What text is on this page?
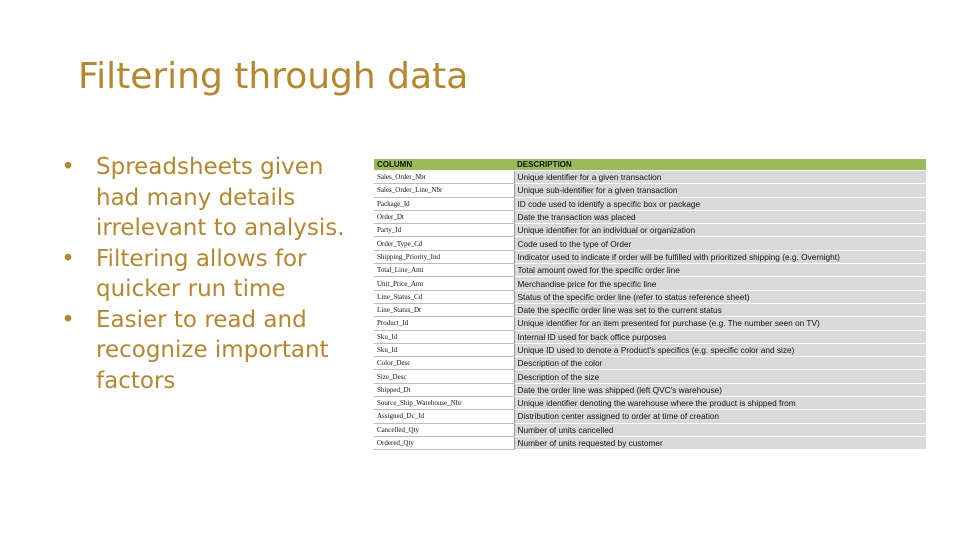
Filtering through data
• Spreadsheets given had many details irrelevant to analysis.
• Filtering allows for quicker run time
• Easier to read and recognize important factors
COLUMN	DESCRIPTION
Sales_Order_Nbr	Unique identifier for a given transaction
Sales_Order_Line_Nbr	Unique sub-identifier for a given transaction
Package_Id	ID code used to identify a specific box or package
Order_Dt	Date the transaction was placed
Party_Id	Unique identifier for an individual or organization
Order_Type_Cd	Code used to the type of Order
Shipping_Priority_Ind	Indicator used to indicate if order will be fulfilled with prioritized shipping (e.g. Overnight)
Total_Line_Amt	Total amount owed for the specific order line
Unit_Price_Amt	Merchandise price for the specific line
Line_Status_Cd	Status of the specific order line (refer to status reference sheet)
Line_Status_Dt	Date the specific order line was set to the current status
Product_Id	Unique identifier for an item presented for purchase (e.g. The number seen on TV)
Sku_Id	Internal ID used for back office purposes
Sku_Id	Unique ID used to denote a Product's specifics (e.g. specific color and size)
Color_Desc	Description of the color
Size_Desc	Description of the size
Shipped_Dt	Date the order line was shipped (left QVC's warehouse)
Source_Ship_Warehouse_Nbr	Unique identifier denoting the warehouse where the product is shipped from
Assigned_Dc_Id	Distribution center assigned to order at time of creation
Cancelled_Qty	Number of units cancelled
Ordered_Qty	Number of units requested by customer
